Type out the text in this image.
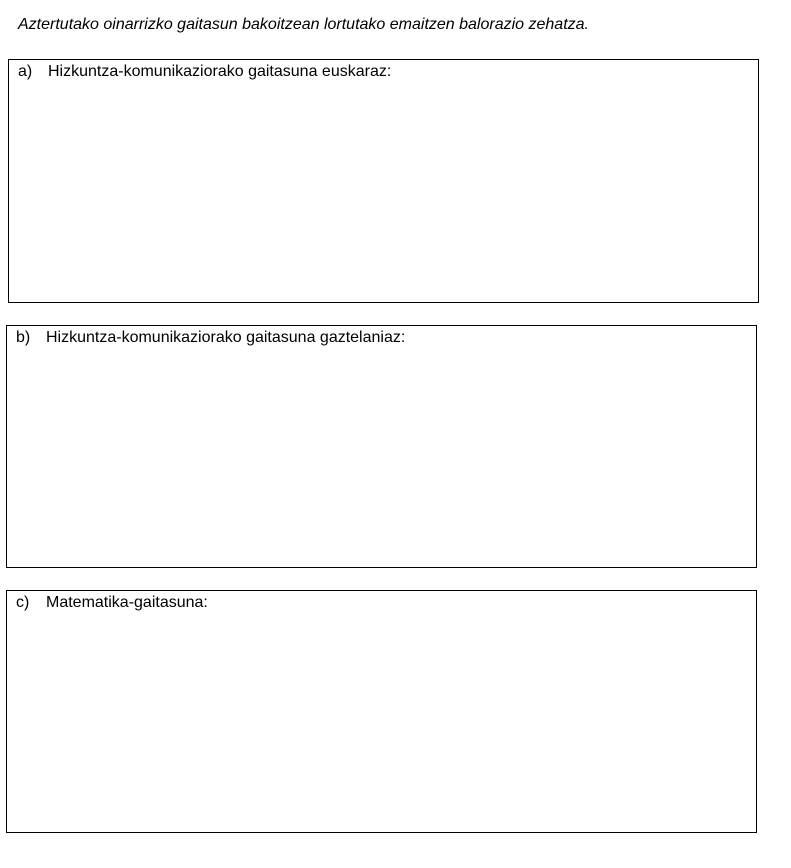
Aztertutako oinarrizko gaitasun bakoitzean lortutako emaitzen balorazio zehatza.
a) Hizkuntza-komunikaziorako gaitasuna euskaraz:
b) Hizkuntza-komunikaziorako gaitasuna gaztelaniaz:
c) Matematika-gaitasuna:
